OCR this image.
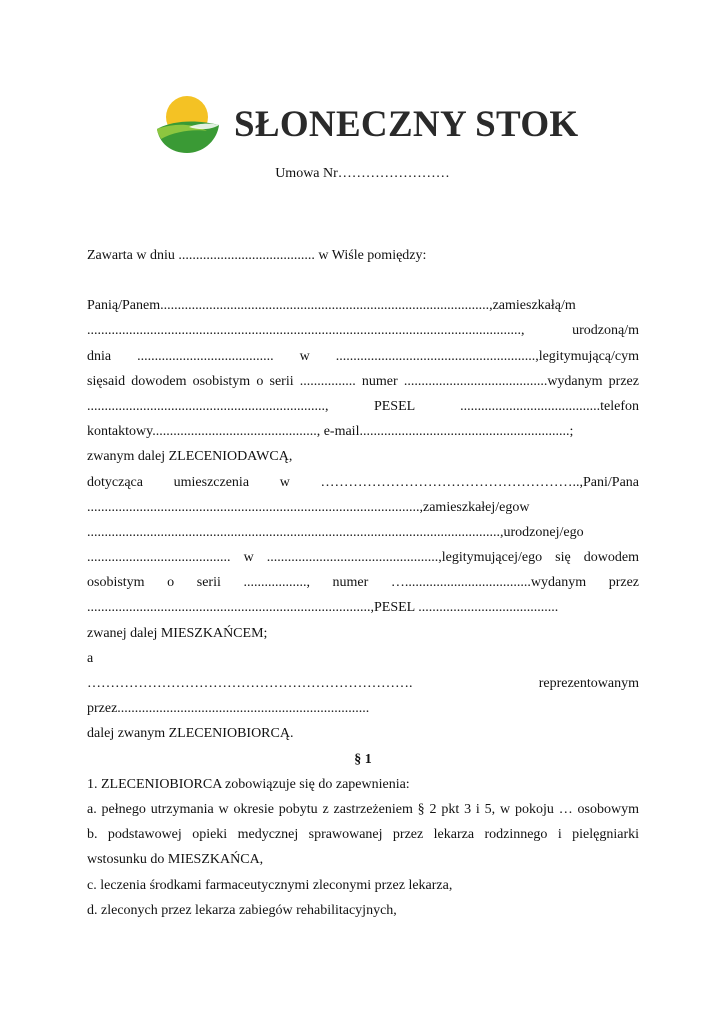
SŁONECZNY STOK
Umowa Nr……………………
Zawarta w dniu ....................................... w Wiśle pomiędzy:
Panią/Panem..............................................................................................,zamieszkałą/m
............................................................................................................................, urodzoną/m
dnia ....................................... w .........................................................,legitymującą/cym
sięsaid dowodem osobistym o serii ................ numer .........................................wydanym przez
...................................................................., PESEL ........................................telefon
kontaktowy..............................................., e-mail............................................................;
zwanym dalej ZLECENIODAWCĄ,
dotycząca umieszczenia w ………………………………………………..,Pani/Pana
...............................................................................................,zamieszkałej/egow
......................................................................................................................,urodzonej/ego
......................................... w .................................................,legitymującej/ego się dowodem
osobistym o serii .................., numer …....................................wydanym przez
.................................................................................,PESEL ........................................
zwanej dalej MIESZKAŃCEM;
a
……………………………………………………………. reprezentowanym
przez........................................................................
dalej zwanym ZLECENIOBIORCĄ.
§ 1
1. ZLECENIOBIORCA zobowiązuje się do zapewnienia:
a. pełnego utrzymania w okresie pobytu z zastrzeżeniem § 2 pkt 3 i 5, w pokoju … osobowym
b. podstawowej opieki medycznej sprawowanej przez lekarza rodzinnego i pielęgniarki
wstosunku do MIESZKAŃCA,
c. leczenia środkami farmaceutycznymi zleconymi przez lekarza,
d. zleconych przez lekarza zabiegów rehabilitacyjnych,
